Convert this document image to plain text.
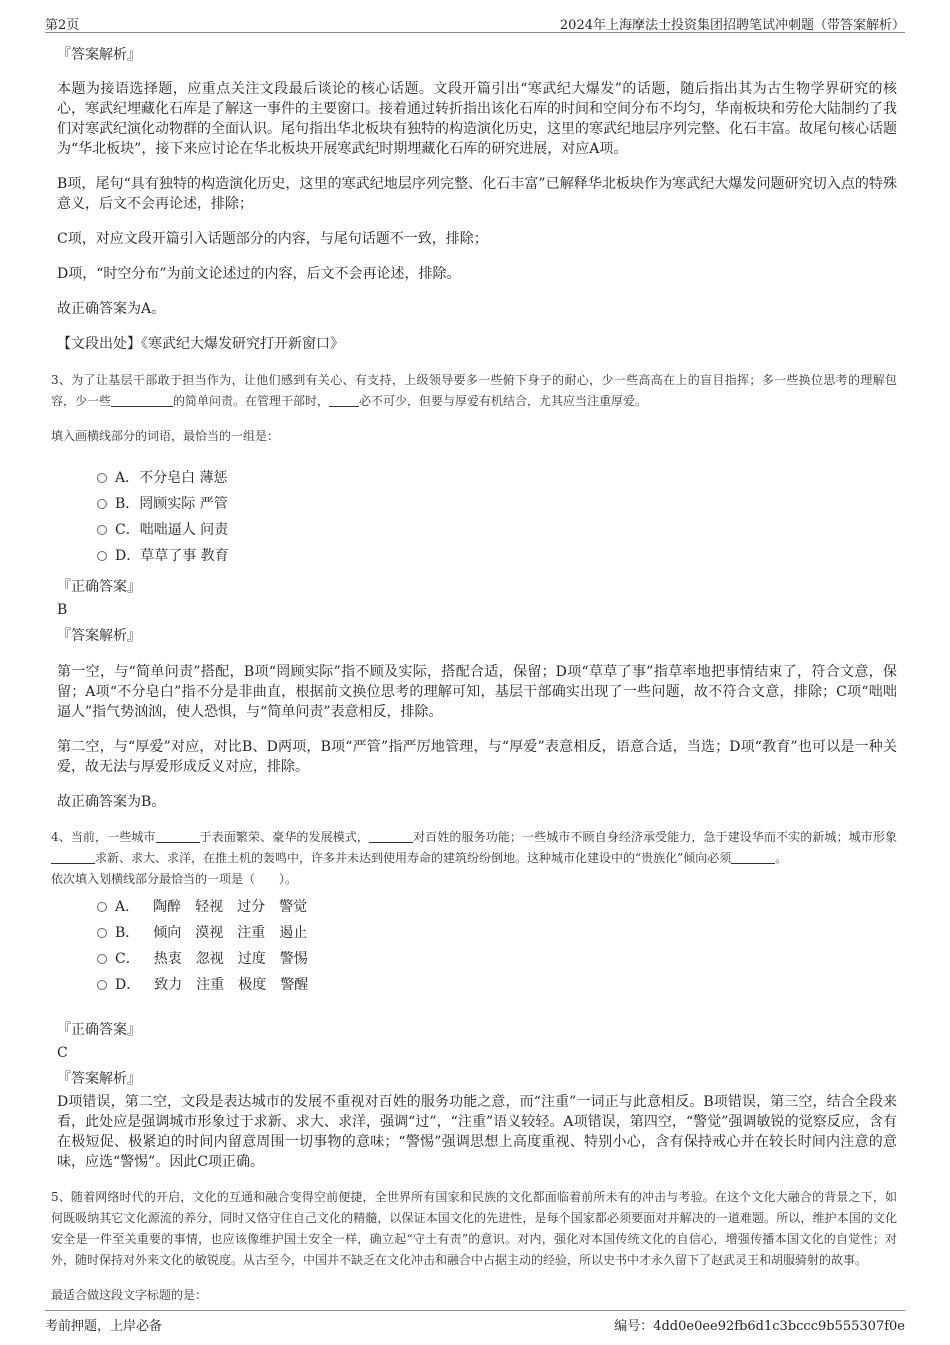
第2页	2024年上海摩法士投资集团招聘笔试冲刺题（带答案解析）
『答案解析』

本题为接语选择题，应重点关注文段最后谈论的核心话题。文段开篇引出“寒武纪大爆发”的话题，随后指出其为古生物学界研究的核心，寒武纪埋藏化石库是了解这一事件的主要窗口。接着通过转折指出该化石库的时间和空间分布不均匀，华南板块和劳伦大陆制约了我们对寒武纪演化动物群的全面认识。尾句指出华北板块有独特的构造演化历史，这里的寒武纪地层序列完整、化石丰富。故尾句核心话题为“华北板块”，接下来应讨论在华北板块开展寒武纪时期埋藏化石库的研究进展，对应A项。

B项，尾句“具有独特的构造演化历史，这里的寒武纪地层序列完整、化石丰富”已解释华北板块作为寒武纪大爆发问题研究切入点的特殊意义，后文不会再论述，排除；

C项，对应文段开篇引入话题部分的内容，与尾句话题不一致，排除；

D项，“时空分布”为前文论述过的内容，后文不会再论述，排除。

故正确答案为A。

【文段出处】《寒武纪大爆发研究打开新窗口》

3、为了让基层干部敢于担当作为，让他们感到有关心、有支持，上级领导要多一些俯下身子的耐心，少一些高高在上的盲目指挥；多一些换位思考的理解包容，少一些	的简单问责。在管理干部时，	必不可少，但要与厚爱有机结合，尤其应当注重厚爱。

填入画横线部分的词语，最恰当的一组是：

A．不分皂白 薄惩
B．罔顾实际 严管
C．咄咄逼人 问责
D．草草了事 教育
『正确答案』
B
『答案解析』

第一空，与“简单问责”搭配，B项“罔顾实际”指不顾及实际，搭配合适，保留；D项“草草了事”指草率地把事情结束了，符合文意，保留；A项“不分皂白”指不分是非曲直，根据前文换位思考的理解可知，基层干部确实出现了一些问题，故不符合文意，排除；C项“咄咄逼人”指气势汹汹，使人恐惧，与“简单问责”表意相反，排除。

第二空，与“厚爱”对应，对比B、D两项，B项“严管”指严厉地管理，与“厚爱”表意相反，语意合适，当选；D项“教育”也可以是一种关爱，故无法与厚爱形成反义对应，排除。

故正确答案为B。

4、当前，一些城市	于表面繁荣、豪华的发展模式，	对百姓的服务功能；一些城市不顾自身经济承受能力，急于建设华而不实的新城；城市形象求新、求大、求洋，在推土机的轰鸣中，许多并未达到使用寿命的建筑纷纷倒地。这种城市化建设中的“贵族化”倾向必须	。

依次填入划横线部分最恰当的一项是（　　）。

A． 陶醉 轻视 过分 警觉
B． 倾向 漠视 注重 遏止
C． 热衷 忽视 过度 警惕
D． 致力 注重 极度 警醒
『正确答案』
C
『答案解析』

D项错误，第二空，文段是表达城市的发展不重视对百姓的服务功能之意，而“注重”一词正与此意相反。B项错误，第三空，结合全段来看，此处应是强调城市形象过于求新、求大、求洋，强调“过”，“注重”语义较轻。A项错误，第四空，“警觉”强调敏锐的觉察反应，含有在极短促、极紧迫的时间内留意周围一切事物的意味；“警惕”强调思想上高度重视、特别小心，含有保持戒心并在较长时间内注意的意味，应选“警惕”。因此C项正确。

5、随着网络时代的开启，文化的互通和融合变得空前便捷，全世界所有国家和民族的文化都面临着前所未有的冲击与考验。在这个文化大融合的背景之下，如何既吸纳其它文化源流的养分，同时又恪守住自己文化的精髓，以保证本国文化的先进性，是每个国家都必须要面对并解决的一道难题。所以，维护本国的文化安全是一件至关重要的事情，也应该像维护国土安全一样，确立起“守土有责”的意识。对内，强化对本国传统文化的自信心，增强传播本国文化的自觉性；对外，随时保持对外来文化的敏锐度。从古至今，中国并不缺乏在文化冲击和融合中占据主动的经验，所以史书中才永久留下了赵武灵王和胡服骑射的故事。

最适合做这段文字标题的是：

考前押题，上岸必备	编号：4dd0e0ee92fb6d1c3bccc9b555307f0e
